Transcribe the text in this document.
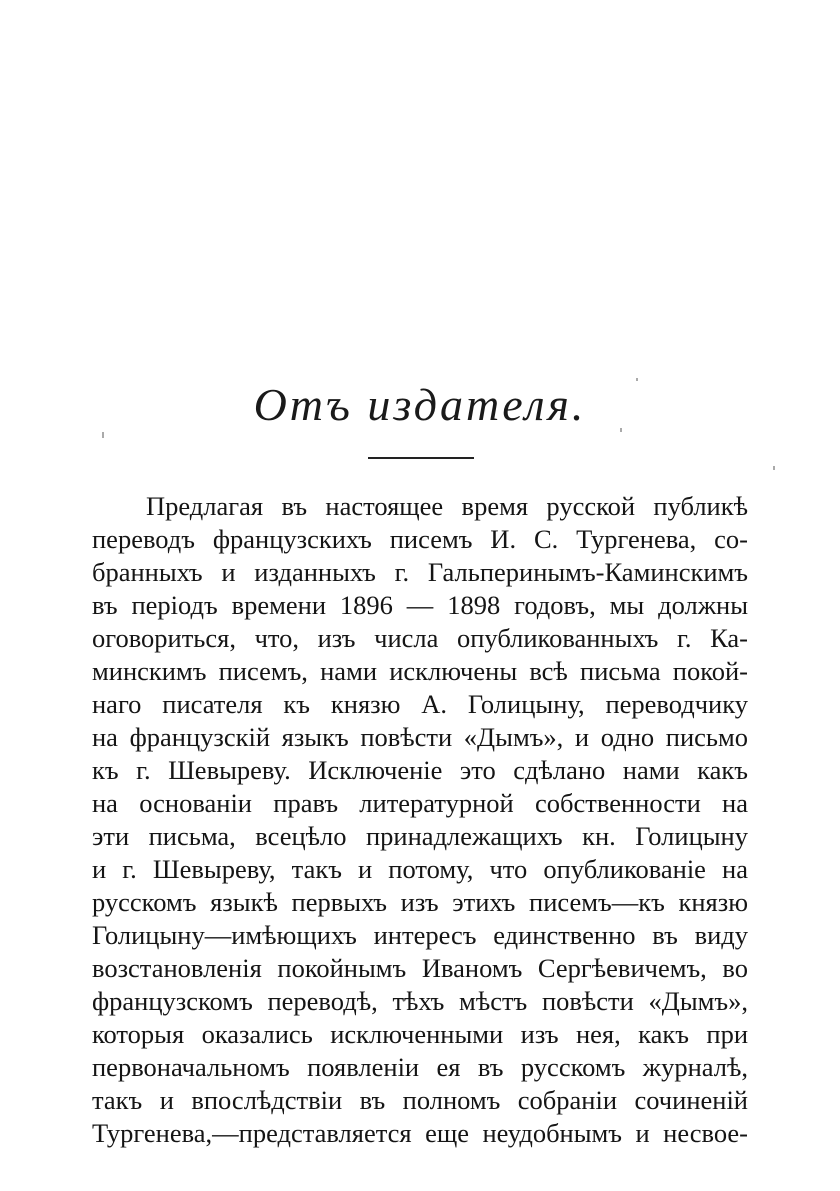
Отъ издателя.
Предлагая въ настоящее время русской публикѣ
переводъ французскихъ писемъ И. С. Тургенева, со-
бранныхъ и изданныхъ г. Гальперинымъ-Каминскимъ
въ періодъ времени 1896 — 1898 годовъ, мы должны
оговориться, что, изъ числа опубликованныхъ г. Ка-
минскимъ писемъ, нами исключены всѣ письма покой-
наго писателя къ князю А. Голицыну, переводчику
на французскій языкъ повѣсти «Дымъ», и одно письмо
къ г. Шевыреву. Исключеніе это сдѣлано нами какъ
на основаніи правъ литературной собственности на
эти письма, всецѣло принадлежащихъ кн. Голицыну
и г. Шевыреву, такъ и потому, что опубликованіе на
русскомъ языкѣ первыхъ изъ этихъ писемъ—къ князю
Голицыну—имѣющихъ интересъ единственно въ виду
возстановленія покойнымъ Иваномъ Сергѣевичемъ, во
французскомъ переводѣ, тѣхъ мѣстъ повѣсти «Дымъ»,
которыя оказались исключенными изъ нея, какъ при
первоначальномъ появленіи ея въ русскомъ журналѣ,
такъ и впослѣдствіи въ полномъ собраніи сочиненій
Тургенева,—представляется еще неудобнымъ и несвое-
